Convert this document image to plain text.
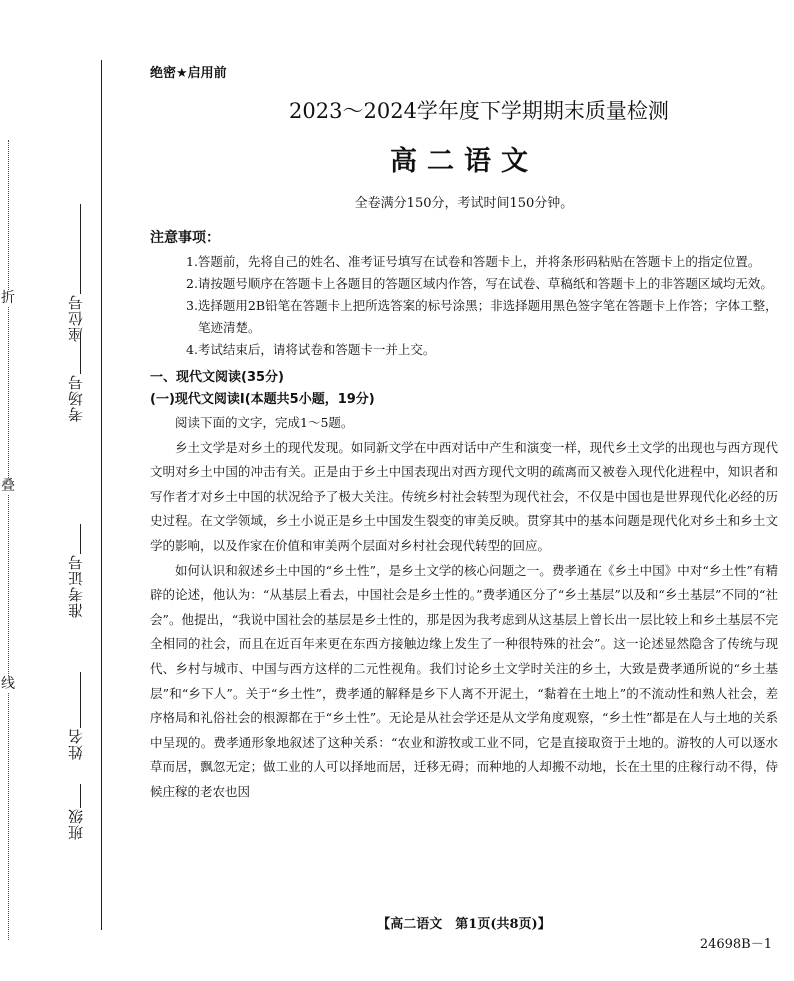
折
叠
线
座位号
考场号
准考证号
姓名
班级
绝密★启用前
2023～2024学年度下学期期末质量检测
高二语文
全卷满分150分，考试时间150分钟。
注意事项：
1.答题前，先将自己的姓名、准考证号填写在试卷和答题卡上，并将条形码粘贴在答题卡上的指定位置。
2.请按题号顺序在答题卡上各题目的答题区域内作答，写在试卷、草稿纸和答题卡上的非答题区域均无效。
3.选择题用2B铅笔在答题卡上把所选答案的标号涂黑；非选择题用黑色签字笔在答题卡上作答；字体工整，笔迹清楚。
4.考试结束后，请将试卷和答题卡一并上交。
一、现代文阅读(35分)
(一)现代文阅读Ⅰ(本题共5小题，19分)

阅读下面的文字，完成1～5题。

乡土文学是对乡土的现代发现。如同新文学在中西对话中产生和演变一样，现代乡土文学的出现也与西方现代文明对乡土中国的冲击有关。正是由于乡土中国表现出对西方现代文明的疏离而又被卷入现代化进程中，知识者和写作者才对乡土中国的状况给予了极大关注。传统乡村社会转型为现代社会，不仅是中国也是世界现代化必经的历史过程。在文学领域，乡土小说正是乡土中国发生裂变的审美反映。贯穿其中的基本问题是现代化对乡土和乡土文学的影响，以及作家在价值和审美两个层面对乡村社会现代转型的回应。

如何认识和叙述乡土中国的“乡土性”，是乡土文学的核心问题之一。费孝通在《乡土中国》中对“乡土性”有精辟的论述，他认为：“从基层上看去，中国社会是乡土性的。”费孝通区分了“乡土基层”以及和“乡土基层”不同的“社会”。他提出，“我说中国社会的基层是乡土性的，那是因为我考虑到从这基层上曾长出一层比较上和乡土基层不完全相同的社会，而且在近百年来更在东西方接触边缘上发生了一种很特殊的社会”。这一论述显然隐含了传统与现代、乡村与城市、中国与西方这样的二元性视角。我们讨论乡土文学时关注的乡土，大致是费孝通所说的“乡土基层”和“乡下人”。关于“乡土性”，费孝通的解释是乡下人离不开泥土，“黏着在土地上”的不流动性和熟人社会，差序格局和礼俗社会的根源都在于“乡土性”。无论是从社会学还是从文学角度观察，“乡土性”都是在人与土地的关系中呈现的。费孝通形象地叙述了这种关系：“农业和游牧或工业不同，它是直接取资于土地的。游牧的人可以逐水草而居，飘忽无定；做工业的人可以择地而居，迁移无碍；而种地的人却搬不动地，长在土里的庄稼行动不得，侍候庄稼的老农也因

【高二语文　第1页(共8页)】
24698B－1
